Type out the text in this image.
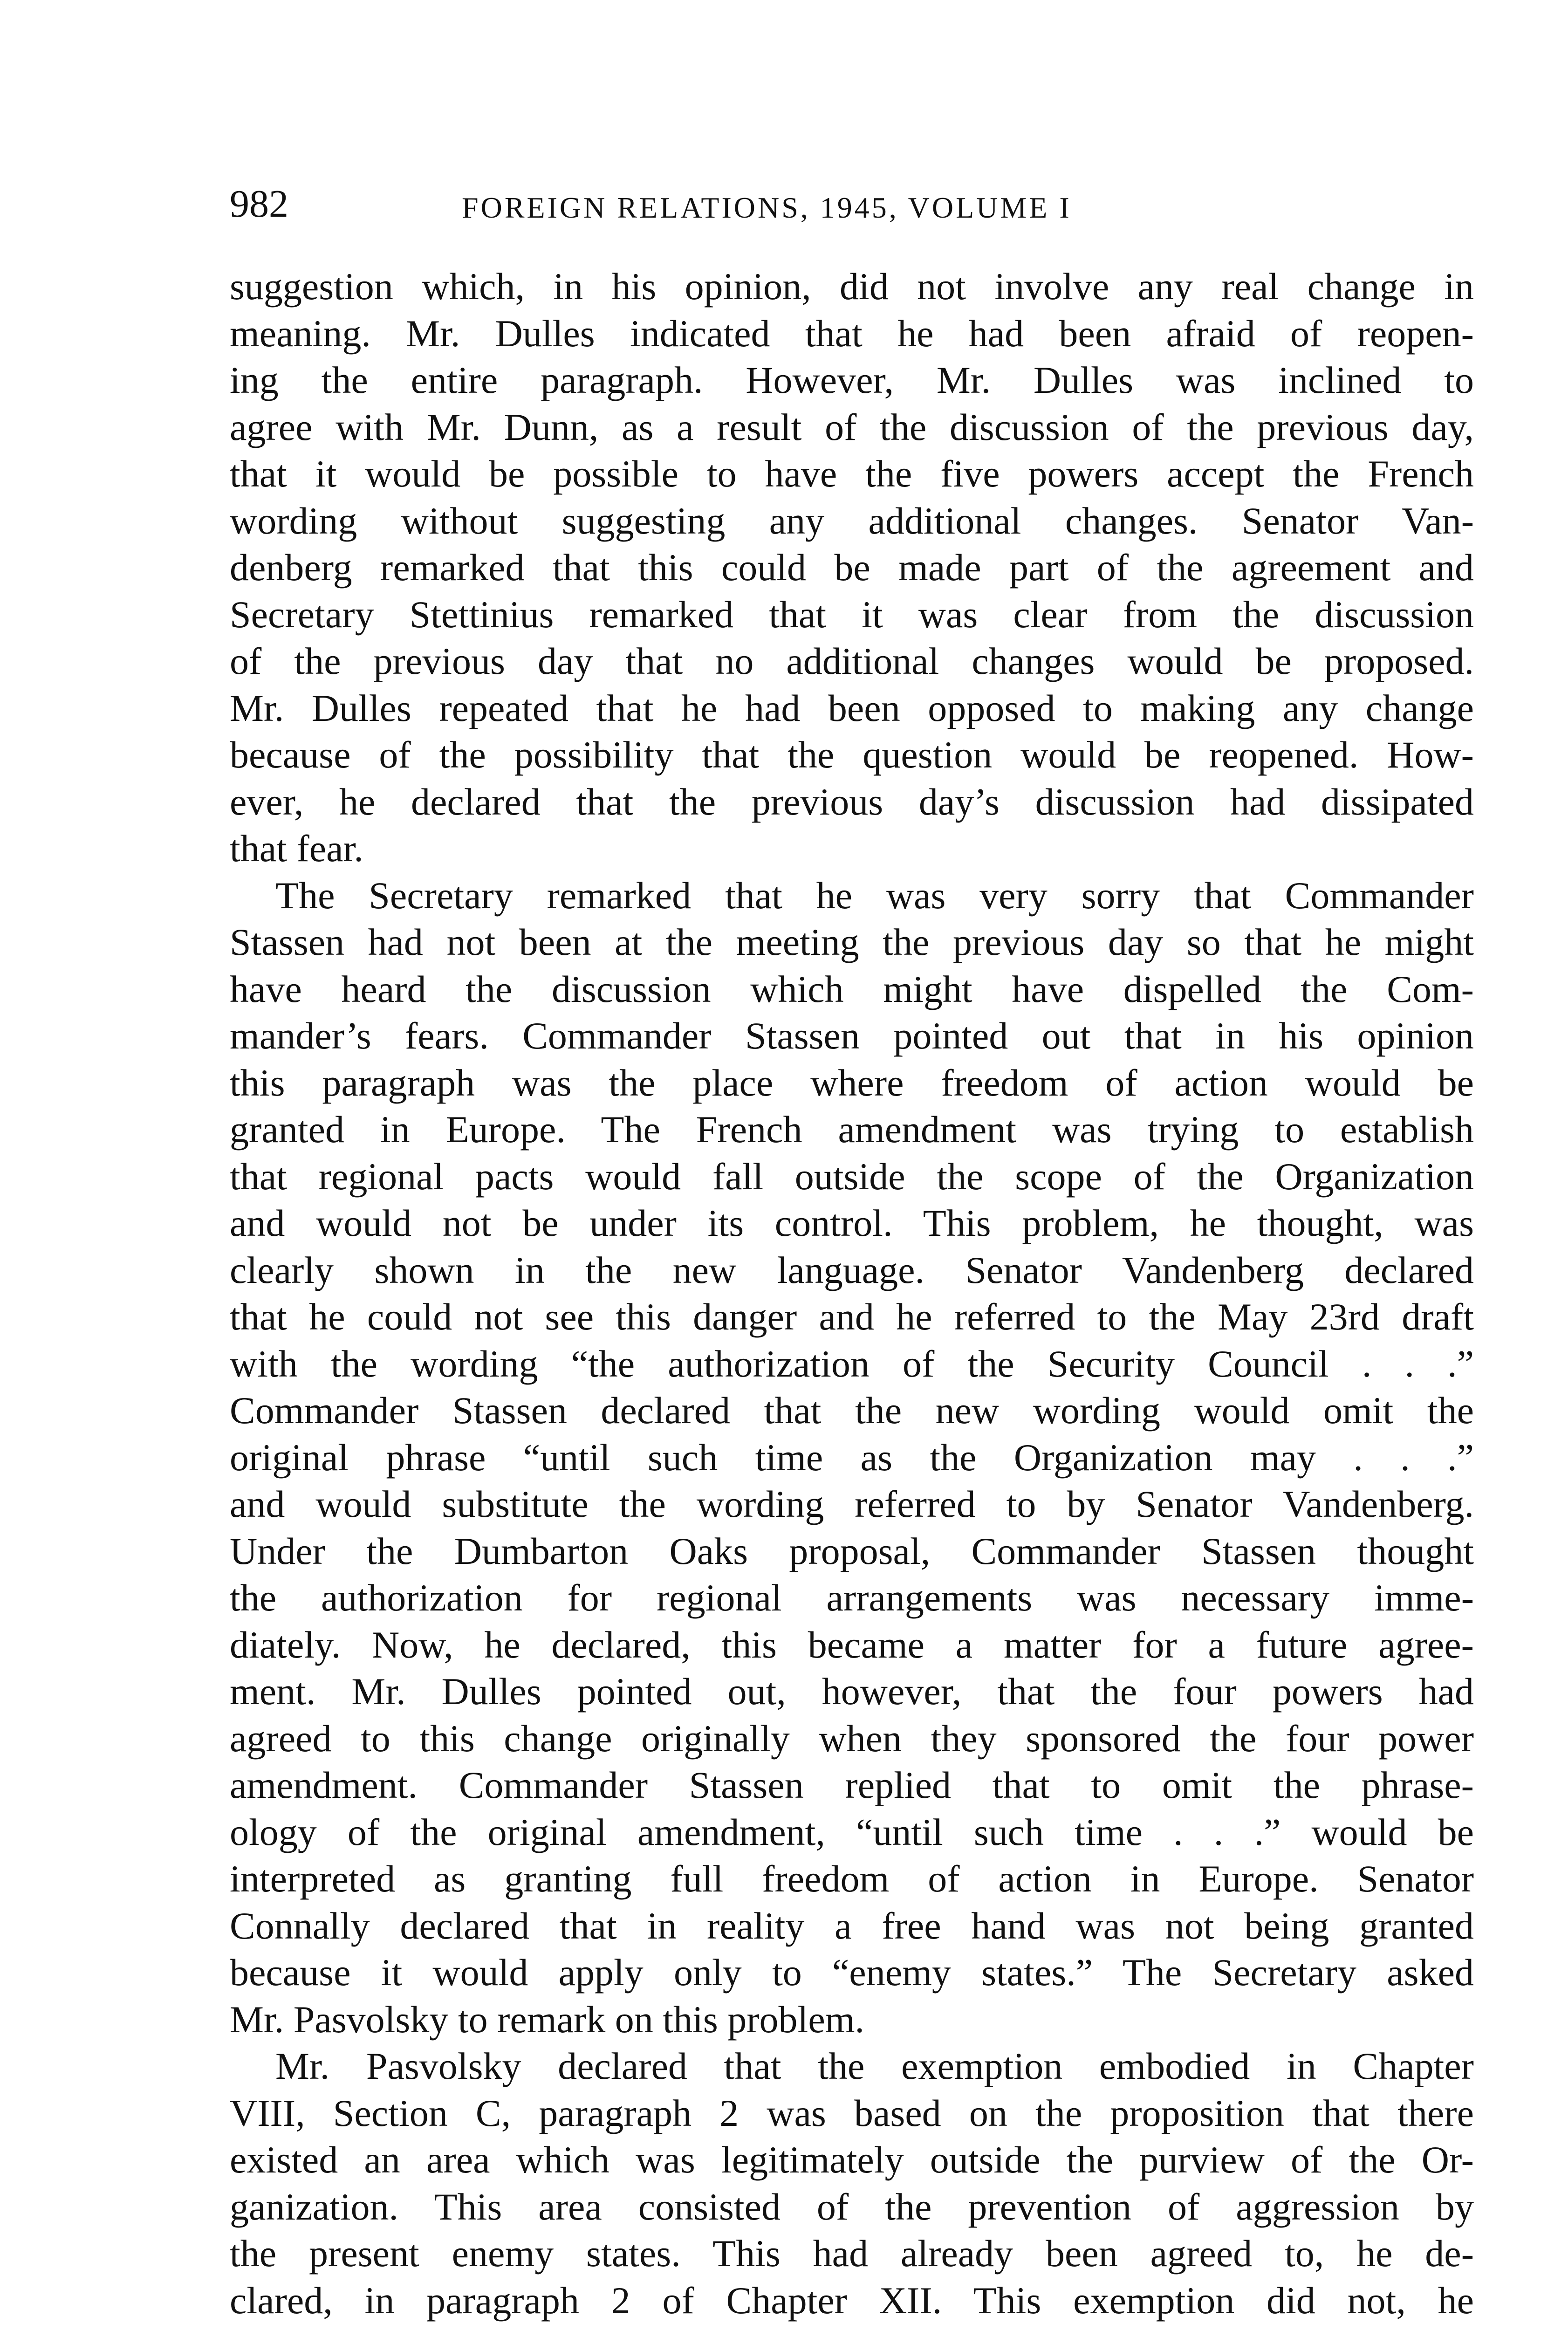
982	FOREIGN RELATIONS, 1945, VOLUME I
suggestion which, in his opinion, did not involve any real change in
meaning. Mr. Dulles indicated that he had been afraid of reopen-
ing the entire paragraph. However, Mr. Dulles was inclined to
agree with Mr. Dunn, as a result of the discussion of the previous day,
that it would be possible to have the five powers accept the French
wording without suggesting any additional changes. Senator Van-
denberg remarked that this could be made part of the agreement and
Secretary Stettinius remarked that it was clear from the discussion
of the previous day that no additional changes would be proposed.
Mr. Dulles repeated that he had been opposed to making any change
because of the possibility that the question would be reopened. How-
ever, he declared that the previous day’s discussion had dissipated
that fear.
The Secretary remarked that he was very sorry that Commander
Stassen had not been at the meeting the previous day so that he might
have heard the discussion which might have dispelled the Com-
mander’s fears. Commander Stassen pointed out that in his opinion
this paragraph was the place where freedom of action would be
granted in Europe. The French amendment was trying to establish
that regional pacts would fall outside the scope of the Organization
and would not be under its control. This problem, he thought, was
clearly shown in the new language. Senator Vandenberg declared
that he could not see this danger and he referred to the May 23rd draft
with the wording “the authorization of the Security Council . . .”
Commander Stassen declared that the new wording would omit the
original phrase “until such time as the Organization may . . .”
and would substitute the wording referred to by Senator Vandenberg.
Under the Dumbarton Oaks proposal, Commander Stassen thought
the authorization for regional arrangements was necessary imme-
diately. Now, he declared, this became a matter for a future agree-
ment. Mr. Dulles pointed out, however, that the four powers had
agreed to this change originally when they sponsored the four power
amendment. Commander Stassen replied that to omit the phrase-
ology of the original amendment, “until such time . . .” would be
interpreted as granting full freedom of action in Europe. Senator
Connally declared that in reality a free hand was not being granted
because it would apply only to “enemy states.” The Secretary asked
Mr. Pasvolsky to remark on this problem.
Mr. Pasvolsky declared that the exemption embodied in Chapter
VIII, Section C, paragraph 2 was based on the proposition that there
existed an area which was legitimately outside the purview of the Or-
ganization. This area consisted of the prevention of aggression by
the present enemy states. This had already been agreed to, he de-
clared, in paragraph 2 of Chapter XII. This exemption did not, he
